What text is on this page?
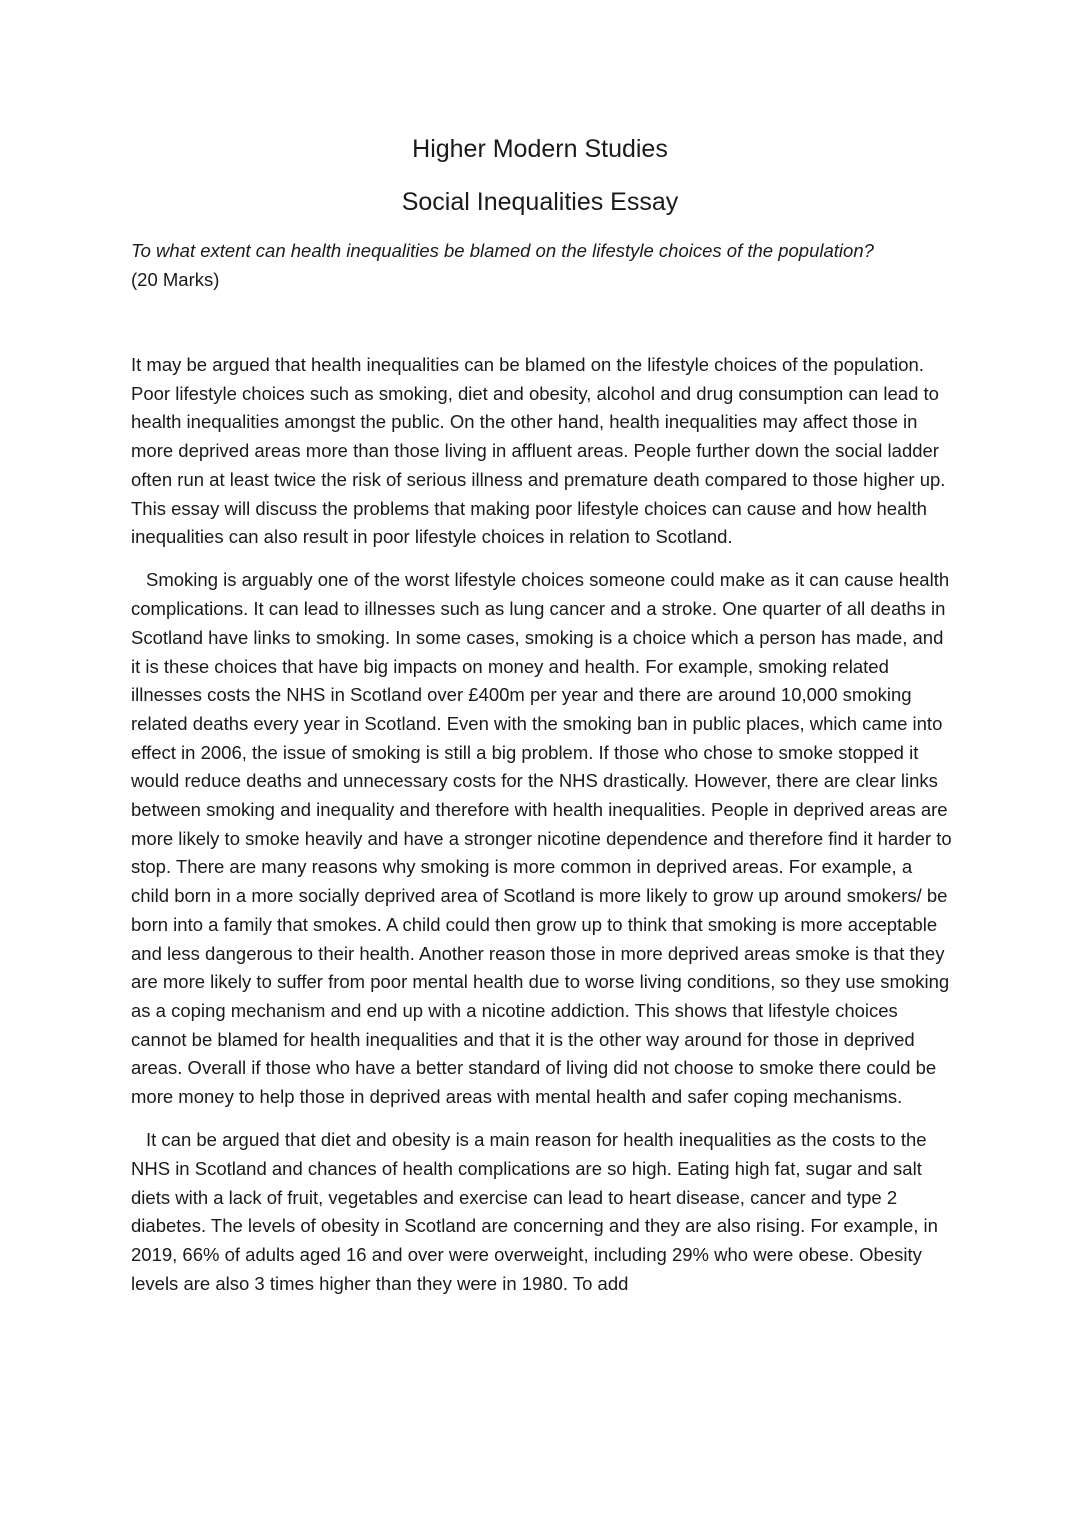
Higher Modern Studies
Social Inequalities Essay
To what extent can health inequalities be blamed on the lifestyle choices of the population?
(20 Marks)

It may be argued that health inequalities can be blamed on the lifestyle choices of the population. Poor lifestyle choices such as smoking, diet and obesity, alcohol and drug consumption can lead to health inequalities amongst the public. On the other hand, health inequalities may affect those in more deprived areas more than those living in affluent areas. People further down the social ladder often run at least twice the risk of serious illness and premature death compared to those higher up. This essay will discuss the problems that making poor lifestyle choices can cause and how health inequalities can also result in poor lifestyle choices in relation to Scotland.

Smoking is arguably one of the worst lifestyle choices someone could make as it can cause health complications. It can lead to illnesses such as lung cancer and a stroke. One quarter of all deaths in Scotland have links to smoking. In some cases, smoking is a choice which a person has made, and it is these choices that have big impacts on money and health. For example, smoking related illnesses costs the NHS in Scotland over £400m per year and there are around 10,000 smoking related deaths every year in Scotland. Even with the smoking ban in public places, which came into effect in 2006, the issue of smoking is still a big problem. If those who chose to smoke stopped it would reduce deaths and unnecessary costs for the NHS drastically. However, there are clear links between smoking and inequality and therefore with health inequalities. People in deprived areas are more likely to smoke heavily and have a stronger nicotine dependence and therefore find it harder to stop. There are many reasons why smoking is more common in deprived areas. For example, a child born in a more socially deprived area of Scotland is more likely to grow up around smokers/ be born into a family that smokes. A child could then grow up to think that smoking is more acceptable and less dangerous to their health. Another reason those in more deprived areas smoke is that they are more likely to suffer from poor mental health due to worse living conditions, so they use smoking as a coping mechanism and end up with a nicotine addiction. This shows that lifestyle choices cannot be blamed for health inequalities and that it is the other way around for those in deprived areas. Overall if those who have a better standard of living did not choose to smoke there could be more money to help those in deprived areas with mental health and safer coping mechanisms.

It can be argued that diet and obesity is a main reason for health inequalities as the costs to the NHS in Scotland and chances of health complications are so high. Eating high fat, sugar and salt diets with a lack of fruit, vegetables and exercise can lead to heart disease, cancer and type 2 diabetes. The levels of obesity in Scotland are concerning and they are also rising. For example, in 2019, 66% of adults aged 16 and over were overweight, including 29% who were obese. Obesity levels are also 3 times higher than they were in 1980. To add
